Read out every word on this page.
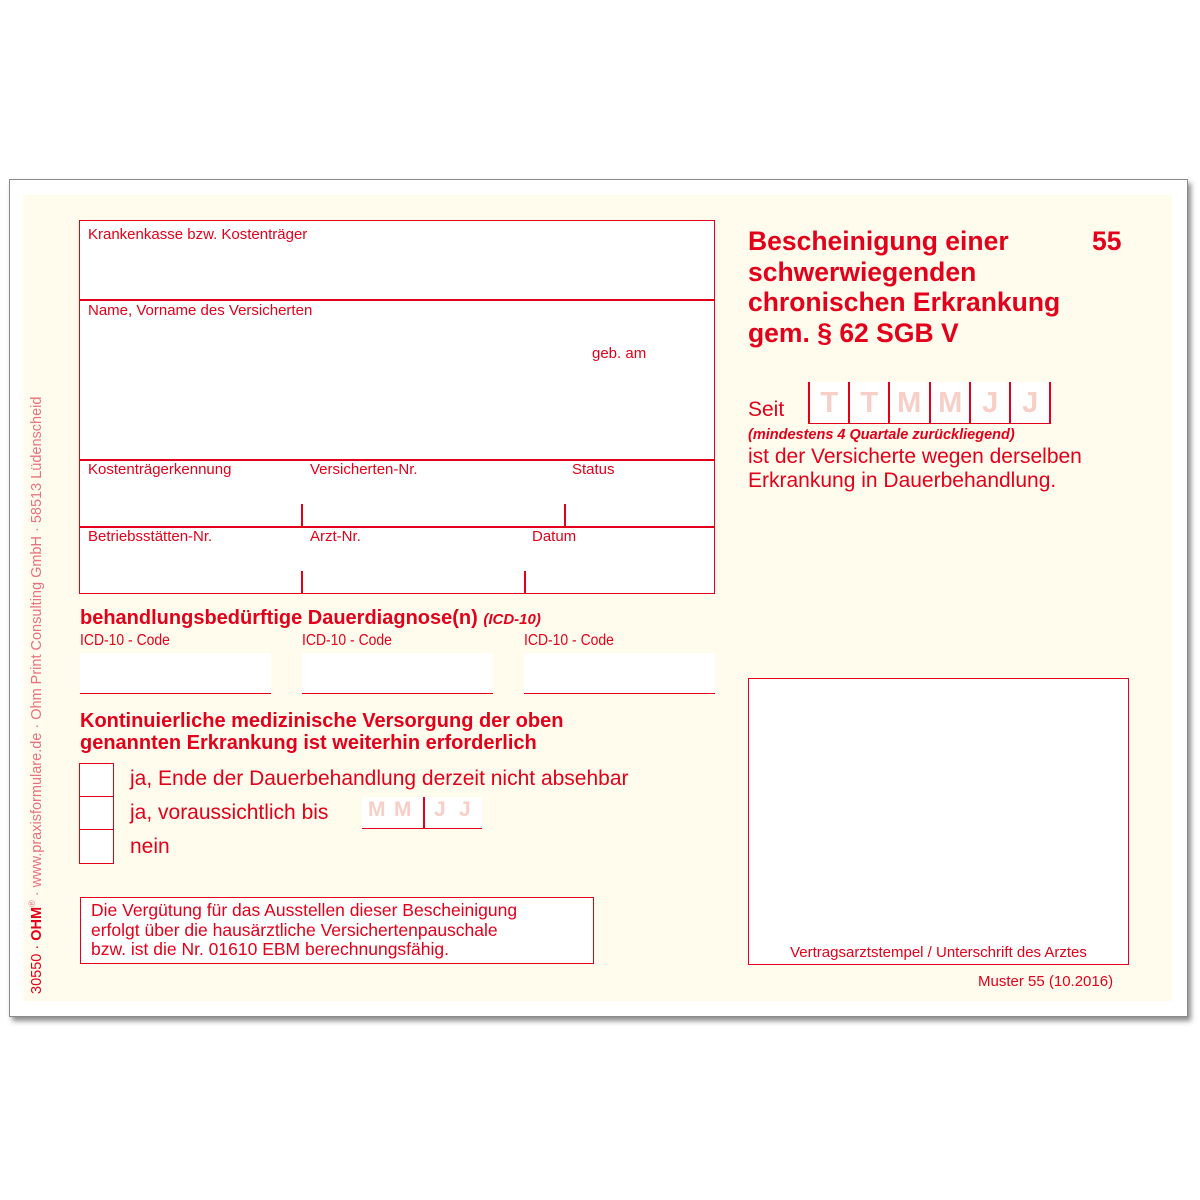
30550 · OHM® · www.praxisformulare.de · Ohm Print Consulting GmbH · 58513 Lüdenscheid
Krankenkasse bzw. Kostenträger
Name, Vorname des Versicherten
geb. am
Kostenträgerkennung	Versicherten-Nr.	Status
Betriebsstätten-Nr.	Arzt-Nr.	Datum
Bescheinigung einer
schwerwiegenden
chronischen Erkrankung
gem. § 62 SGB V
55
Seit	T T M M J J
(mindestens 4 Quartale zurückliegend)
ist der Versicherte wegen derselben
Erkrankung in Dauerbehandlung.
behandlungsbedürftige Dauerdiagnose(n) (ICD-10)
ICD-10 - Code	ICD-10 - Code	ICD-10 - Code
Kontinuierliche medizinische Versorgung der oben
genannten Erkrankung ist weiterhin erforderlich
ja, Ende der Dauerbehandlung derzeit nicht absehbar
ja, voraussichtlich bis
nein
M M J J
Die Vergütung für das Ausstellen dieser Bescheinigung
erfolgt über die hausärztliche Versichertenpauschale
bzw. ist die Nr. 01610 EBM berechnungsfähig.	Vertragsarztstempel / Unterschrift des Arztes
Muster 55 (10.2016)
